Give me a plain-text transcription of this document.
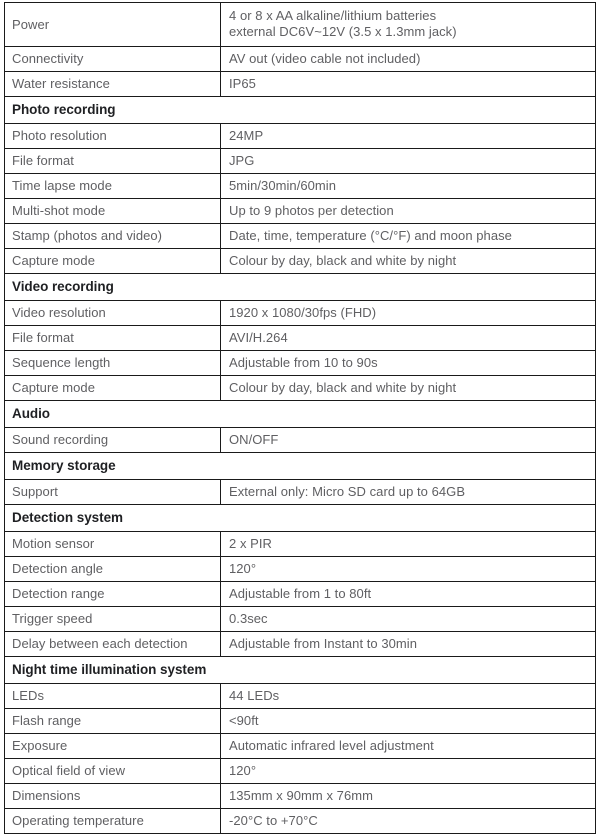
Power	4 or 8 x AA alkaline/lithium batteries
external DC6V~12V (3.5 x 1.3mm jack)

Connectivity	AV out (video cable not included)

Water resistance	IP65

Photo recording	
Photo resolution	24MP

File format	JPG

Time lapse mode	5min/30min/60min

Multi-shot mode	Up to 9 photos per detection

Stamp (photos and video)	Date, time, temperature (°C/°F) and moon phase

Capture mode	Colour by day, black and white by night

Video recording	
Video resolution	1920 x 1080/30fps (FHD)

File format	AVI/H.264

Sequence length	Adjustable from 10 to 90s

Capture mode	Colour by day, black and white by night

Audio	
Sound recording	ON/OFF

Memory storage	
Support	External only: Micro SD card up to 64GB

Detection system	
Motion sensor	2 x PIR

Detection angle	120°

Detection range	Adjustable from 1 to 80ft

Trigger speed	0.3sec

Delay between each detection	Adjustable from Instant to 30min

Night time illumination system	
LEDs	44 LEDs

Flash range	<90ft

Exposure	Automatic infrared level adjustment

Optical field of view	120°

Dimensions	135mm x 90mm x 76mm

Operating temperature	-20°C to +70°C
